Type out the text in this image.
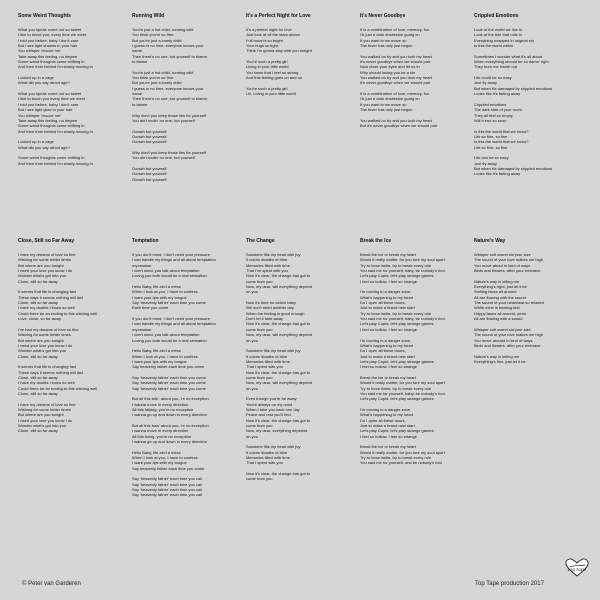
Some Weird Thoughts
What you speak come out so sweet
I like to move you, every time we meet
I told you before, baby I don't care
But I see light shands in your hair
You whisper 'rescue me'
Take away this feeling, no degree
Some weird thoughts come shifting in
And then from behind I'm slowly moving in
Locked up in a cage
What did you say about age?
What you speak come out so sweet
I like to touch you every time we meet
I told you before, baby I don't care
But I see light glow in your hair
You whisper 'rescue me'
Take away this feeling, no degree
Some weird thoughts come shifting in
And then from behind I'm slowly moving in
Locked up in a cage
What did you say about age?
Some weird thoughts come shifting in
And then from behind I'm slowly moving in
Running Wild
You're just a hot child, running wild
You think you're so free
But you're just a lonely child
I guess in no time, everyone knows your
name
Then there's no one, but yourself to blame,
to blame
You're just a hot child, running wild
You think you're so free
But you're just a lonely child
I guess in no time, everyone knows your
name
Then there's no one, but yourself to blame,
to blame
Why don't you keep those lies for yourself
You ain't foolin' no one, but yourself
Ooowh but yourself
Ooowh but yourself
Ooowh but yourself
Why don't you keep those lies for yourself
You ain't foolin' no one, but yourself
Ooowh but yourself
Ooowh but yourself
Ooowh but yourself
It's a Perfect Night for Love
It's a perfect night for love
Just look at all the stars above
Full moon's so bright
Your hugs so tight
Think I'm gonna stay with you tonight
You're such a pretty girl
Living in your little world
You know that I feel so strong
And this feeling goes on and on
You're such a pretty girl
Uh, Living in your little world
It's Never Goodbye
It is a combination of love, memory, fun
Or just a dark obsession going on
If you want to we move on
The fever has only just begun
You walked on by and you took my heart
It's never goodbye when we should part
Now close your eyes and let us in
Why should loving you be a sin
You walked on by and you took my heart
It's never goodbye when we should part
It is a combination of love, memory, fun
Or just a dark obsession going on
If you want to we move on
The fever has only just begun
You walked on by and you took my heart
But it's never goodbye when we should part
Crippled Emotions
Look at the world we live in
Look at the tide that rolls in
Everything wrapped in original sin
Is this the world within
Sometimes I wonder what it's all about
When everything should be so damn' right
They burn me inside out
Life could be so easy
Just fly away
But when it's damaged by crippled emotions
Looks like it's fading away
Crippled emotions
The dark side of your room
They all feel so empty
Will it end so soon
Is this the world that we know?
Life so fine, so fine
Is this the world that we know?
Life so fine, so fine
Life can be so easy
Just fly away
But when it's damaged by crippled emotions
Looks like it's fading away
Close, Still so Far Away
I have my dreams of love so fine
Wishing for some better times
But where are you tonight
I need your love you know I do
Wonder what's got into you
Close, still so far away
It seems that life is changing fast
These days it seems nothing will last
Close, still so far away
I have my doubts I know so well
Could there be an ending to this wishing well
Love, close, so far away
I've had my dreams of love so fine
Wishing for some better times
But where are you tonight
I need your love you know I do
Wonder what's got into you
Close, still so far away
It seems that life is changing fast
These days it seems nothing will last
Close, still so far away
I have my doubts I know so well
Could there be an ending to this wishing well
Close, still so far away
I have my dreams of love so fine
Wishing for some better times
But where are you tonight
I need your love you know I do
Wonder what's got into you
Close, still so far away
Temptation
If you don't mind, I don't need your pressure
I can handle my things and all about temptation
expression
I don't mind, you talk about temptation
Loving you both would be a real sensation
Hello Baby, life ain't a mess
When I look at you, I have to confess
I want your lips with my tongue
Say 'heavenly father' each time you come
Each time you come
If you don't mind, I don't need your pressure
I can handle my things and all about temptation
expression
I don't mind, you talk about temptation
Loving you both would be a real sensation
Hello Baby, life ain't a mess
When I look at you, I have to confess
I want your lips with my tongue
Say heavenly father each time you come
Say 'heavenly father' each time you come
Say 'heavenly father' each time you come
Say 'heavenly father' each time you come
But all this talk', about you, 're no exception
I wanna move in every direction
All this talking, you're no exception
I wanna go up and down in every direction
But all this fuss' about you, 're no exception
I wanna move in every direction
All this fixing, you're no exception
I wanna go up and down in every direction
Hello Baby, life ain't a mess
When I look at you, I have to confess
I want your lips with my tongue
Say heavenly father each time you come
Say 'heavenly father' each time you call
Say 'heavenly father' each time you call
Say 'heavenly father' each time you call
Say 'heavenly father' each time you call
The Change
Sunshine fills my head with joy
It colors shades of blue
Memories filled with time
That I've spent with you
Now it's clear, the change has got to
come from you
Now, my dear, will everything depend
on you
Now it's time for action baby
We don't need another day
When the feeling is good enough
Don't let it fade away
Now it's clear, the change has got to
come from you
Now, my dear, will everything depend
on you
Sunshine fills my head with joy
It colors shades of blue
Memories filled with time
That I spent with you
Now it's clear, the change has got to
come from you
Now, my dear, will everything depend
on you
Even though you're far away
You're always on my mind
When I take you back one day
Peace and rest you'll find
Now it's clear, the change has got to
come from you
Now, my dear, everything depends
on you
Sunshine fills my head with joy
It colors shades of blue
Memories filled with time
That I spent with you
Now it's clear, the change has got to
come from you
Break the Ice
Break the ice or break my heart
Would it really matter, for you tore my soul apart
Try to force limits, try to break every rule
You said me for yourself, baby, be nobody's fool
Let's play Cupid, let's play strange games
I feel so hollow, I feel so strange
I'm moving in a danger zone,
What's happening to my heart
Do I open all these doors,
Just to make a brand new start
Try to force limits, try to break every rule
You said me for yourself, baby, be nobody's fool
Let's play Cupid, let's play strange games
I feel so hollow, I feel so strange
I'm moving in a danger zone,
What's happening to my heart
Do I open all these doors,
Just to make a brand new start
Let's play Cupid, let's play strange games
I feel so hollow, I feel so strange
Break the ice or break my heart
Would it really matter, for you tore my soul apart
Try to force limits, try to break every rule
You said me for yourself, baby, be nobody's fool
Let's play Cupid, let's play strange games
I'm moving in a danger zone,
What's happening to my heart
Do I open all these doors,
Just to make a brand new start
Let's play Cupid, let's play strange games
I feel so hollow, I feel so strange
Break the ice or break my heart
Would it really matter, for you tore my soul apart
Try to force limits, try to break every rule
You said me for yourself, and be nobody's fool
Nature's Way
Whisper soft sweet sin'your size
The sound of your love makes me high
You move about in kind of ways
Birds and flowers, after your embrace
Nature's way is telling me
Everything's right, just let it be
Smiling faces all around
All are flowing with the sound
The sound of your heartbeat so relaxed
While mine is beating fast
Happy faces all around, yeah
All are flowing with a sound
Whisper soft sweet sin'your size
The sound of your love makes me high
You move around in kind of ways
Birds and flowers, after your embrace
Nature's way is telling me
Everything's fine, just let it be
© Peter van Garderen	Top Tape production 2017
top tape
